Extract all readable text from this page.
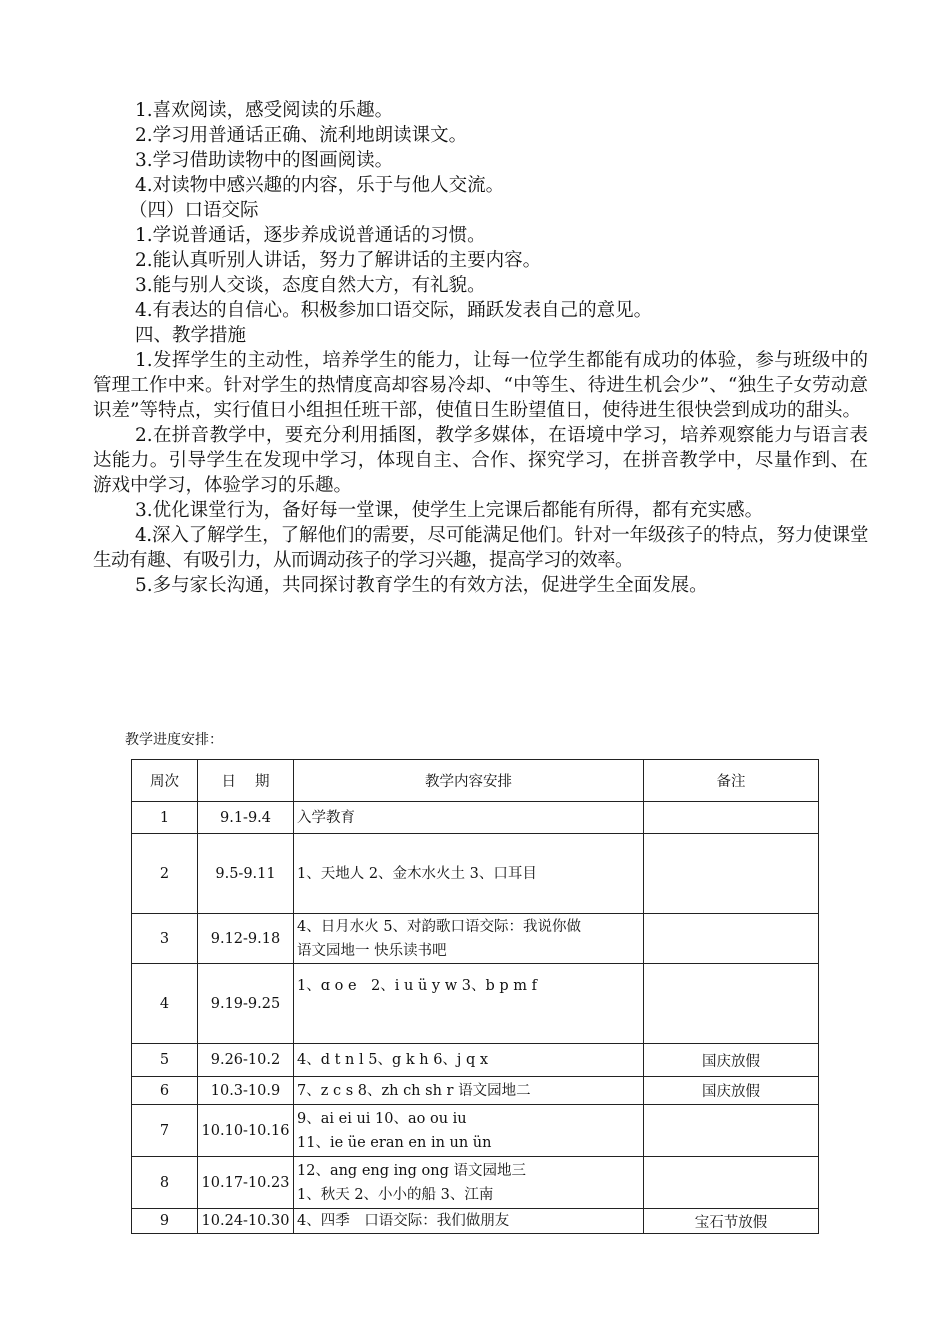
1.喜欢阅读，感受阅读的乐趣。
2.学习用普通话正确、流利地朗读课文。
3.学习借助读物中的图画阅读。
4.对读物中感兴趣的内容，乐于与他人交流。
（四）口语交际
1.学说普通话，逐步养成说普通话的习惯。
2.能认真听别人讲话，努力了解讲话的主要内容。
3.能与别人交谈，态度自然大方，有礼貌。
4.有表达的自信心。积极参加口语交际，踊跃发表自己的意见。
四、教学措施
1.发挥学生的主动性，培养学生的能力，让每一位学生都能有成功的体验，参与班级中的管理工作中来。针对学生的热情度高却容易冷却、“中等生、待进生机会少”、“独生子女劳动意识差”等特点，实行值日小组担任班干部，使值日生盼望值日，使待进生很快尝到成功的甜头。
2.在拼音教学中，要充分利用插图，教学多媒体，在语境中学习，培养观察能力与语言表达能力。引导学生在发现中学习，体现自主、合作、探究学习，在拼音教学中，尽量作到、在游戏中学习，体验学习的乐趣。
3.优化课堂行为，备好每一堂课，使学生上完课后都能有所得，都有充实感。
4.深入了解学生，了解他们的需要，尽可能满足他们。针对一年级孩子的特点，努力使课堂生动有趣、有吸引力，从而调动孩子的学习兴趣，提高学习的效率。
5.多与家长沟通，共同探讨教育学生的有效方法，促进学生全面发展。
教学进度安排：
周次	日　 期	教学内容安排	备注
1	9.1-9.4	入学教育	

2	9.5-9.11	1、天地人 2、金木水火土 3、口耳目	

3	9.12-9.18	4、日月水火 5、对韵歌口语交际：我说你做
语文园地一 快乐读书吧	

4	9.19-9.25	1、ɑ o e　2、i u ü y w 3、b p m f	

5	9.26-10.2	4、d t n l 5、g k h 6、j q x	国庆放假
6	10.3-10.9	7、z c s 8、zh ch sh r 语文园地二	国庆放假
7	10.10-10.16	9、ai ei ui 10、ao ou iu
11、ie üe eran en in un ün	

8	10.17-10.23	12、ang eng ing ong 语文园地三
1、秋天 2、小小的船 3、江南	

9	10.24-10.30	4、四季　口语交际：我们做朋友	宝石节放假
